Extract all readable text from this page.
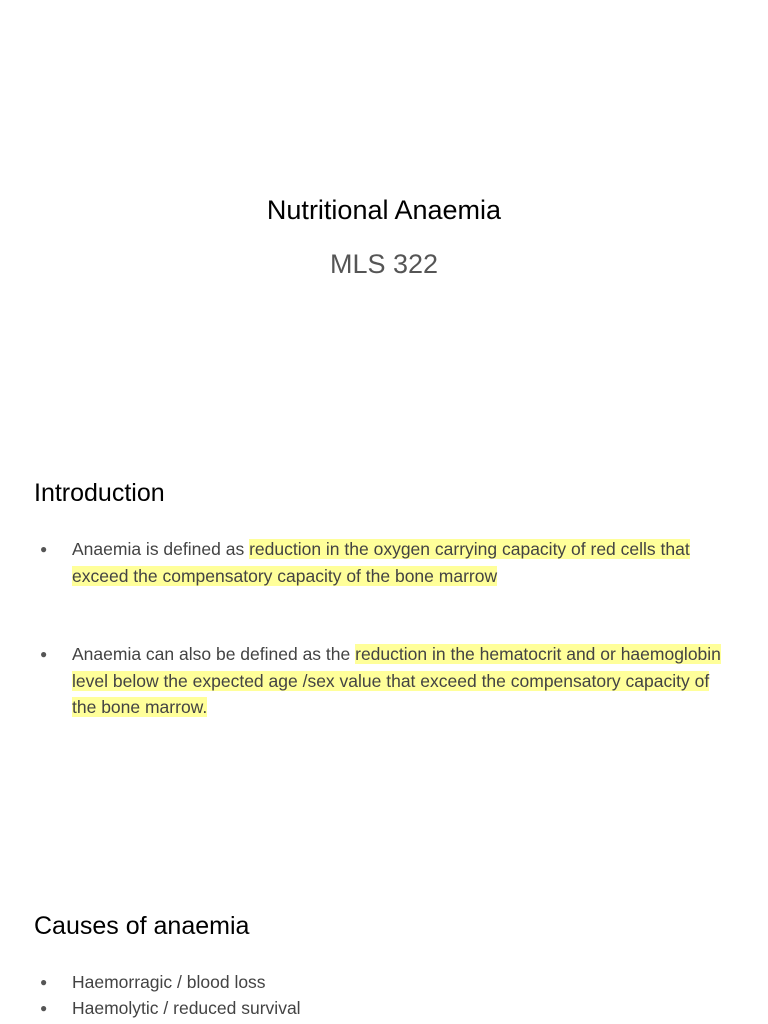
Nutritional Anaemia
MLS 322
Introduction
● Anaemia is defined as reduction in the oxygen carrying capacity of red cells that exceed the compensatory capacity of the bone marrow
● Anaemia can also be defined as the reduction in the hematocrit and or haemoglobin level below the expected age /sex value that exceed the compensatory capacity of the bone marrow.
Causes of anaemia
● Haemorragic / blood loss
● Haemolytic / reduced survival
